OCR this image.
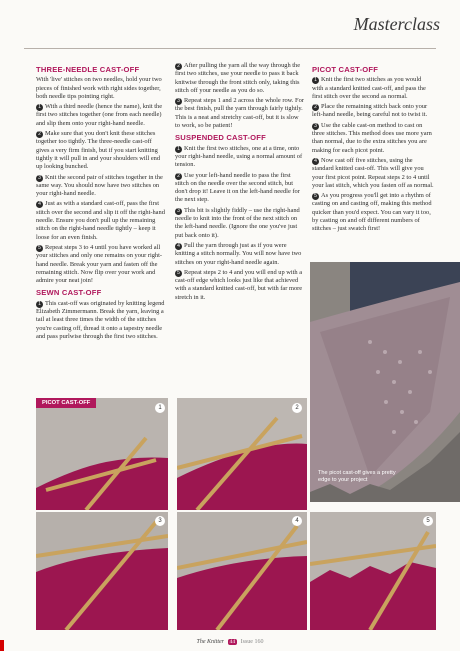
Masterclass
THREE-NEEDLE CAST-OFF
With 'live' stitches on two needles, hold your two pieces of finished work with right sides together, both needle tips pointing right.
1 With a third needle (hence the name), knit the first two stitches together (one from each needle) and slip them onto your right-hand needle.
2 Make sure that you don't knit these stitches together too tightly. The three-needle cast-off gives a very firm finish, but if you start knitting tightly it will pull in and your shoulders will end up looking bunched.
3 Knit the second pair of stitches together in the same way. You should now have two stitches on your right-hand needle.
4 Just as with a standard cast-off, pass the first stitch over the second and slip it off the right-hand needle. Ensure you don't pull up the remaining stitch on the right-hand needle tightly – keep it loose for an even finish.
5 Repeat steps 3 to 4 until you have worked all your stitches and only one remains on your right-hand needle. Break your yarn and fasten off the remaining stitch. Now flip over your work and admire your neat join!
SEWN CAST-OFF
1 This cast-off was originated by knitting legend Elizabeth Zimmermann. Break the yarn, leaving a tail at least three times the width of the stitches you're casting off, thread it onto a tapestry needle and pass purlwise through the first two stitches.
2 After pulling the yarn all the way through the first two stitches, use your needle to pass it back knitwise through the front stitch only, taking this stitch off your needle as you do so.
3 Repeat steps 1 and 2 across the whole row. For the best finish, pull the yarn through fairly tightly. This is a neat and stretchy cast-off, but it is slow to work, so be patient!
SUSPENDED CAST-OFF
1 Knit the first two stitches, one at a time, onto your right-hand needle, using a normal amount of tension.
2 Use your left-hand needle to pass the first stitch on the needle over the second stitch, but don't drop it! Leave it on the left-hand needle for the next step.
3 This bit is slightly fiddly – use the right-hand needle to knit into the front of the next stitch on the left-hand needle. (Ignore the one you've just put back onto it).
4 Pull the yarn through just as if you were knitting a stitch normally. You will now have two stitches on your right-hand needle again.
5 Repeat steps 2 to 4 and you will end up with a cast-off edge which looks just like that achieved with a standard knitted cast-off, but with far more stretch in it.
PICOT CAST-OFF
1 Knit the first two stitches as you would with a standard knitted cast-off, and pass the first stitch over the second as normal.
2 Place the remaining stitch back onto your left-hand needle, being careful not to twist it.
3 Use the cable cast-on method to cast on three stitches. This method does use more yarn than normal, due to the extra stitches you are making for each picot point.
4 Now cast off five stitches, using the standard knitted cast-off. This will give you your first picot point. Repeat steps 2 to 4 until your last stitch, which you fasten off as normal.
5 As you progress you'll get into a rhythm of casting on and casting off, making this method quicker than you'd expect. You can vary it too, by casting on and off different numbers of stitches – just swatch first!
The picot cast-off gives a pretty edge to your project
PICOT CAST-OFF
1	2
3	4	5
The Knitter 44 Issue 160
